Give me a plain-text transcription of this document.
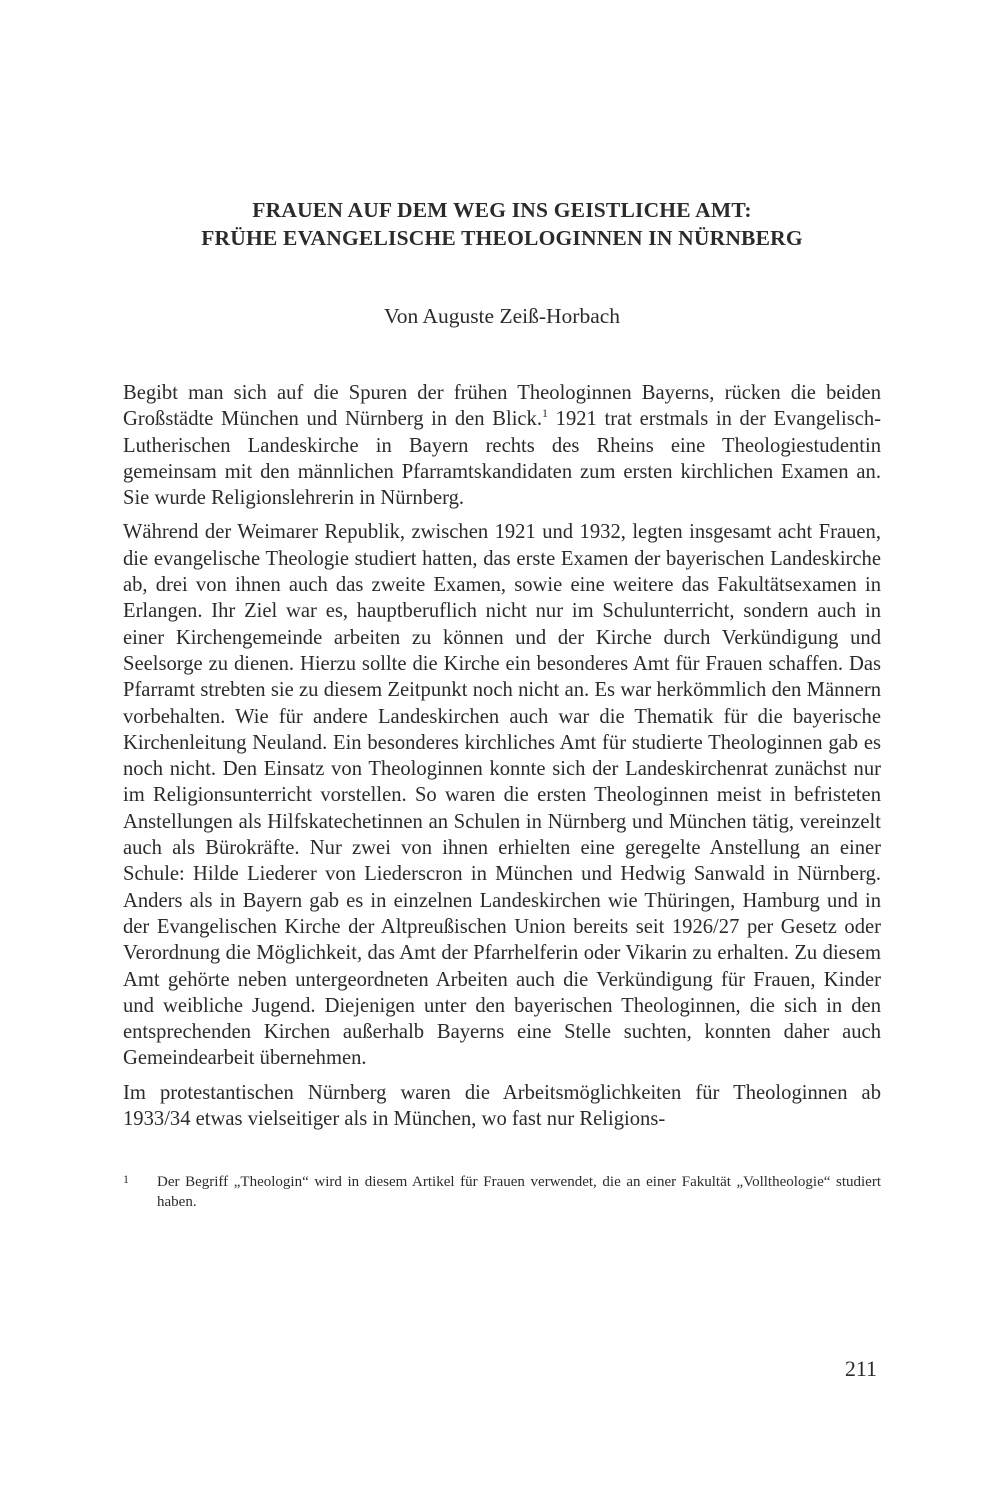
FRAUEN AUF DEM WEG INS GEISTLICHE AMT:
FRÜHE EVANGELISCHE THEOLOGINNEN IN NÜRNBERG
Von Auguste Zeiß-Horbach

Begibt man sich auf die Spuren der frühen Theologinnen Bayerns, rücken die beiden Großstädte München und Nürnberg in den Blick.$^1$ 1921 trat erstmals in der Evangelisch-Lutherischen Landeskirche in Bayern rechts des Rheins eine Theologiestudentin gemeinsam mit den männlichen Pfarramtskandidaten zum ersten kirchlichen Examen an. Sie wurde Religionslehrerin in Nürnberg.

Während der Weimarer Republik, zwischen 1921 und 1932, legten insgesamt acht Frauen, die evangelische Theologie studiert hatten, das erste Examen der bayerischen Landeskirche ab, drei von ihnen auch das zweite Examen, sowie eine weitere das Fakultätsexamen in Erlangen. Ihr Ziel war es, hauptberuflich nicht nur im Schulunterricht, sondern auch in einer Kirchengemeinde arbeiten zu können und der Kirche durch Verkündigung und Seelsorge zu dienen. Hierzu sollte die Kirche ein besonderes Amt für Frauen schaffen. Das Pfarramt strebten sie zu diesem Zeitpunkt noch nicht an. Es war herkömmlich den Männern vorbehalten. Wie für andere Landeskirchen auch war die Thematik für die bayerische Kirchenleitung Neuland. Ein besonderes kirchliches Amt für studierte Theologinnen gab es noch nicht. Den Einsatz von Theologinnen konnte sich der Landeskirchenrat zunächst nur im Religionsunterricht vorstellen. So waren die ersten Theologinnen meist in befristeten Anstellungen als Hilfskatechetinnen an Schulen in Nürnberg und München tätig, vereinzelt auch als Bürokräfte. Nur zwei von ihnen erhielten eine geregelte Anstellung an einer Schule: Hilde Liederer von Liederscron in München und Hedwig Sanwald in Nürnberg. Anders als in Bayern gab es in einzelnen Landeskirchen wie Thüringen, Hamburg und in der Evangelischen Kirche der Altpreußischen Union bereits seit 1926/27 per Gesetz oder Verordnung die Möglichkeit, das Amt der Pfarrhelferin oder Vikarin zu erhalten. Zu diesem Amt gehörte neben untergeordneten Arbeiten auch die Verkündigung für Frauen, Kinder und weibliche Jugend. Diejenigen unter den bayerischen Theologinnen, die sich in den entsprechenden Kirchen außerhalb Bayerns eine Stelle suchten, konnten daher auch Gemeindearbeit übernehmen.

Im protestantischen Nürnberg waren die Arbeitsmöglichkeiten für Theologinnen ab 1933/34 etwas vielseitiger als in München, wo fast nur Religions-

1	Der Begriff „Theologin“ wird in diesem Artikel für Frauen verwendet, die an einer Fakultät „Volltheologie“ studiert haben.
211
